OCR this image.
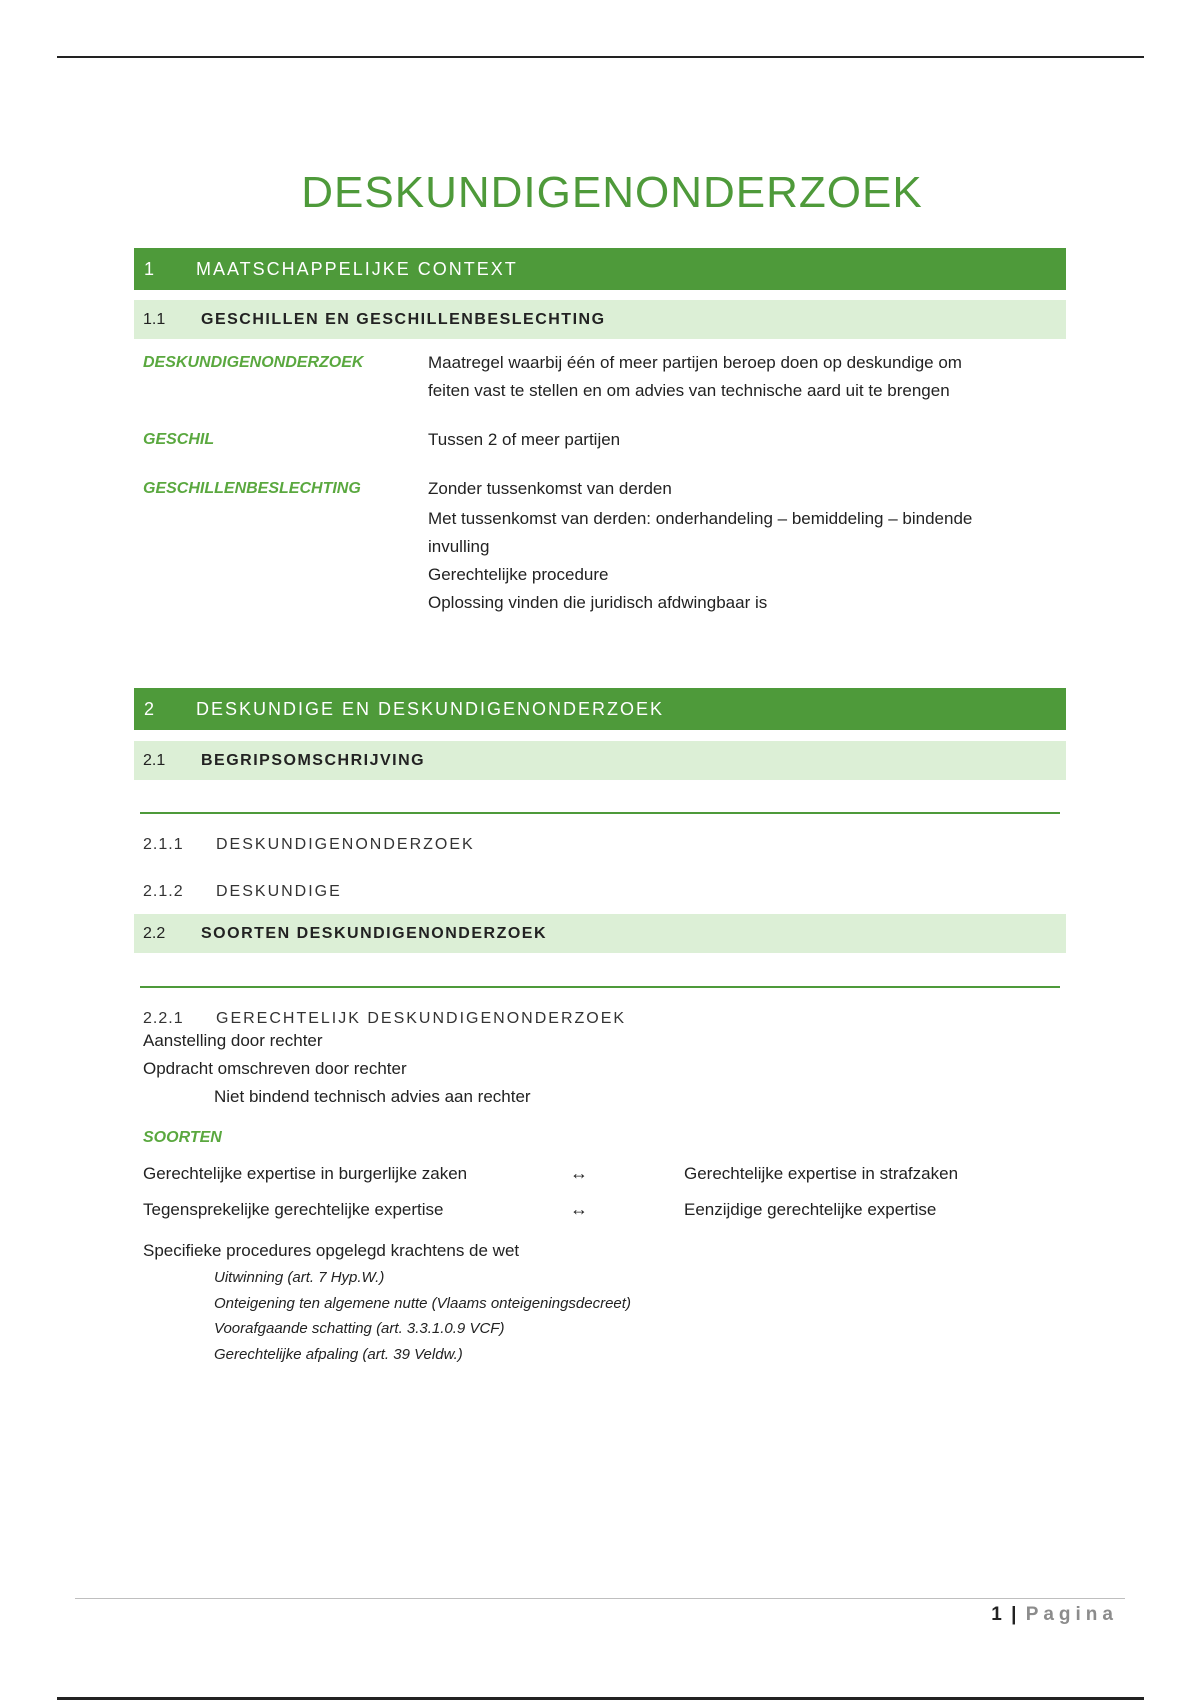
DESKUNDIGENONDERZOEK
1	MAATSCHAPPELIJKE CONTEXT
1.1	GESCHILLEN EN GESCHILLENBESLECHTING
DESKUNDIGENONDERZOEK	Maatregel waarbij één of meer partijen beroep doen op deskundige om
feiten vast te stellen en om advies van technische aard uit te brengen
GESCHIL	Tussen 2 of meer partijen
GESCHILLENBESLECHTING	Zonder tussenkomst van derden
Met tussenkomst van derden: onderhandeling – bemiddeling – bindende
invulling
Gerechtelijke procedure
Oplossing vinden die juridisch afdwingbaar is
2	DESKUNDIGE EN DESKUNDIGENONDERZOEK
2.1	BEGRIPSOMSCHRIJVING
2.1.1	DESKUNDIGENONDERZOEK
2.1.2	DESKUNDIGE
2.2	SOORTEN DESKUNDIGENONDERZOEK
2.2.1	GERECHTELIJK DESKUNDIGENONDERZOEK
Aanstelling door rechter
Opdracht omschreven door rechter
Niet bindend technisch advies aan rechter
SOORTEN
Gerechtelijke expertise in burgerlijke zaken	↔	Gerechtelijke expertise in strafzaken
Tegensprekelijke gerechtelijke expertise	↔	Eenzijdige gerechtelijke expertise
Specifieke procedures opgelegd krachtens de wet
Uitwinning (art. 7 Hyp.W.)
Onteigening ten algemene nutte (Vlaams onteigeningsdecreet)
Voorafgaande schatting (art. 3.3.1.0.9 VCF)
Gerechtelijke afpaling (art. 39 Veldw.)
1 | Pagina
